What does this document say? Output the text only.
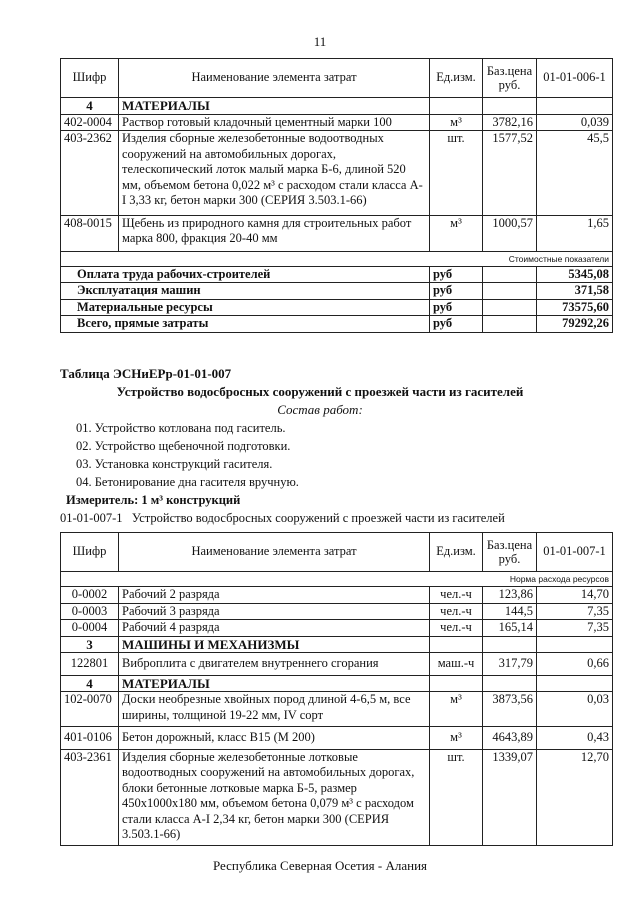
11
Шифр	Наименование элемента затрат	Ед.изм.	Баз.цена руб.	01-01-006-1
4	МАТЕРИАЛЫ			
402-0004	Раствор готовый кладочный цементный марки 100	м³	3782,16	0,039
403-2362	Изделия сборные железобетонные водоотводных сооружений на автомобильных дорогах, телескопический лоток малый марка Б-6, длиной 520 мм, объемом бетона 0,022 м³ с расходом стали класса А-I 3,33 кг, бетон марки 300 (СЕРИЯ 3.503.1-66)	шт.	1577,52	45,5
408-0015	Щебень из природного камня для строительных работ марка 800, фракция 20-40 мм	м³	1000,57	1,65
Стоимостные показатели				
Оплата труда рабочих-строителей		руб		5345,08
Эксплуатация машин		руб		371,58
Материальные ресурсы		руб		73575,60
Всего, прямые затраты		руб		79292,26
Таблица ЭСНиЕРр-01-01-007
Устройство водосбросных сооружений с проезжей части из гасителей
Состав работ:
01. Устройство котлована под гаситель.
02. Устройство щебеночной подготовки.
03. Установка конструкций гасителя.
04. Бетонирование дна гасителя вручную.
Измеритель: 1 м³ конструкций
01-01-007-1   Устройство водосбросных сооружений с проезжей части из гасителей
Шифр	Наименование элемента затрат	Ед.изм.	Баз.цена руб.	01-01-007-1
Норма расхода ресурсов				
0-0002	Рабочий 2 разряда	чел.-ч	123,86	14,70
0-0003	Рабочий 3 разряда	чел.-ч	144,5	7,35
0-0004	Рабочий 4 разряда	чел.-ч	165,14	7,35
3	МАШИНЫ И МЕХАНИЗМЫ			
122801	Виброплита с двигателем внутреннего сгорания	маш.-ч	317,79	0,66
4	МАТЕРИАЛЫ			
102-0070	Доски необрезные хвойных пород длиной 4-6,5 м, все ширины, толщиной 19-22 мм, IV сорт	м³	3873,56	0,03
401-0106	Бетон дорожный, класс В15 (М 200)	м³	4643,89	0,43
403-2361	Изделия сборные железобетонные лотковые водоотводных сооружений на автомобильных дорогах, блоки бетонные лотковые марка Б-5, размер 450х1000х180 мм, объемом бетона 0,079 м³ с расходом стали класса А-I 2,34 кг, бетон марки 300 (СЕРИЯ 3.503.1-66)	шт.	1339,07	12,70
Республика Северная Осетия - Алания
